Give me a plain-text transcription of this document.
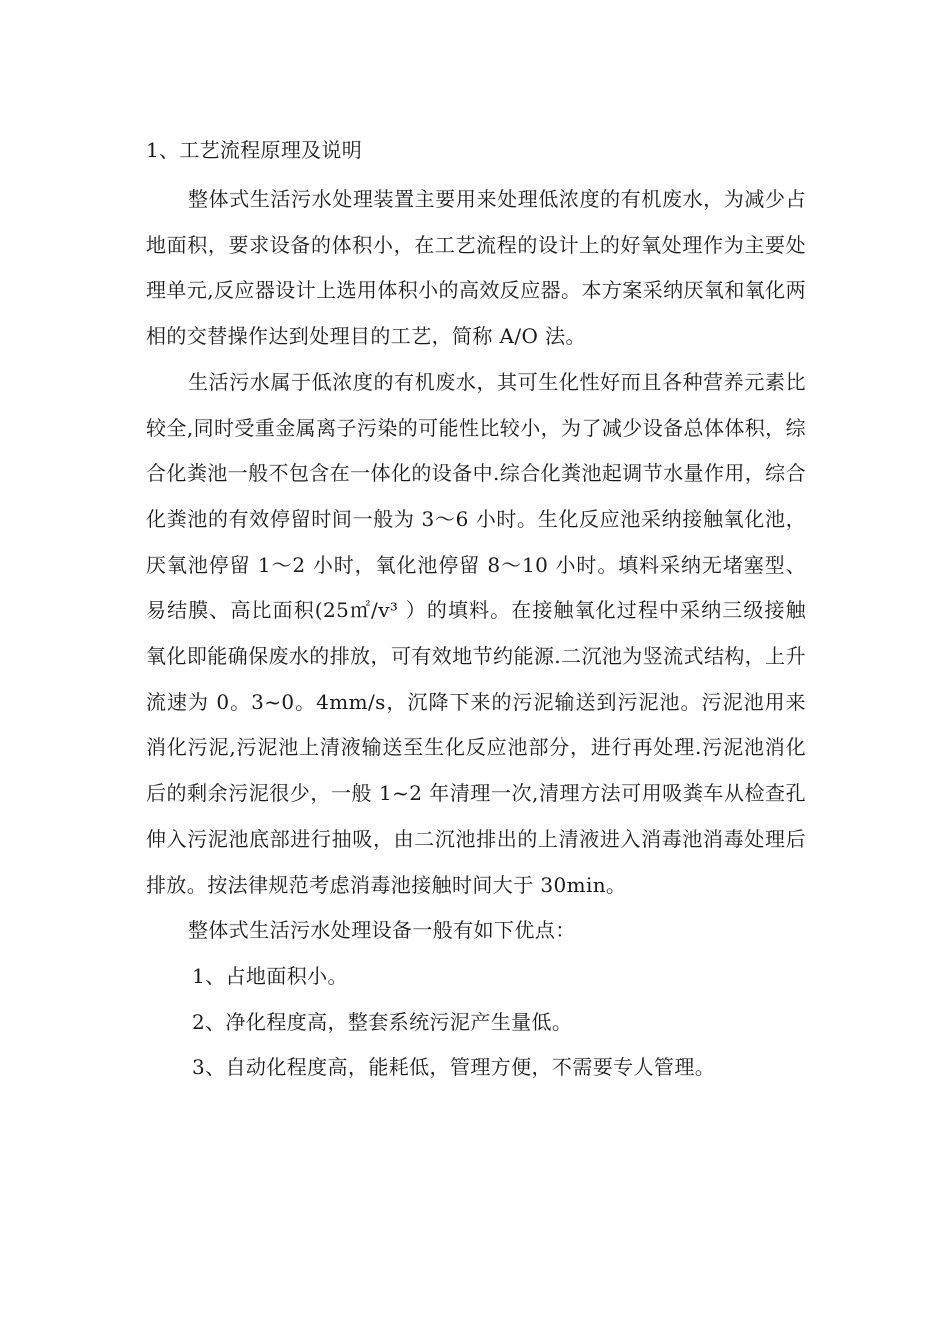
1、工艺流程原理及说明

整体式生活污水处理装置主要用来处理低浓度的有机废水，为减少占地面积，要求设备的体积小，在工艺流程的设计上的好氧处理作为主要处理单元,反应器设计上选用体积小的高效反应器。本方案采纳厌氧和氧化两相的交替操作达到处理目的工艺，简称 A/O 法。

生活污水属于低浓度的有机废水，其可生化性好而且各种营养元素比较全,同时受重金属离子污染的可能性比较小，为了减少设备总体体积，综合化粪池一般不包含在一体化的设备中.综合化粪池起调节水量作用，综合化粪池的有效停留时间一般为 3～6 小时。生化反应池采纳接触氧化池，厌氧池停留 1～2 小时，氧化池停留 8～10 小时。填料采纳无堵塞型、易结膜、高比面积(25㎡/v³ ）的填料。在接触氧化过程中采纳三级接触氧化即能确保废水的排放，可有效地节约能源.二沉池为竖流式结构，上升流速为 0。3~0。4mm/s，沉降下来的污泥输送到污泥池。污泥池用来消化污泥,污泥池上清液输送至生化反应池部分，进行再处理.污泥池消化后的剩余污泥很少，一般 1~2 年清理一次,清理方法可用吸粪车从检查孔伸入污泥池底部进行抽吸，由二沉池排出的上清液进入消毒池消毒处理后排放。按法律规范考虑消毒池接触时间大于 30min。

整体式生活污水处理设备一般有如下优点：

1、占地面积小。
2、净化程度高，整套系统污泥产生量低。
3、自动化程度高，能耗低，管理方便，不需要专人管理。
